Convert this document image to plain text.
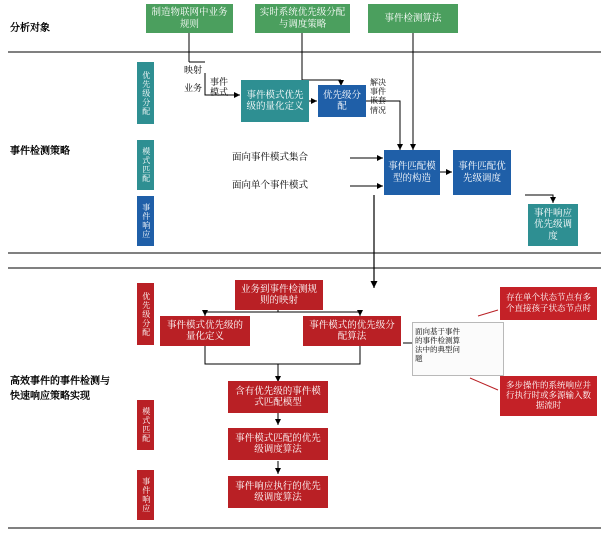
分析对象
事件检测策略
高效事件的事件检测与
快速响应策略实现
制造物联网中业务规则
实时系统优先级分配与调度策略
事件检测算法
优先级分配
模式匹配
事件响应
映射
业务
事件模式
解决事件嵌套情况
面向事件模式集合
面向单个事件模式
事件模式优先级的量化定义
优先级分配
事件匹配模型的构造
事件匹配优先级调度
事件响应优先级调度
优先级分配
模式匹配
事件响应
业务到事件检测规则的映射
事件模式优先级的量化定义
事件模式的优先级分配算法
含有优先级的事件模式匹配模型
事件模式匹配的优先级调度算法
事件响应执行的优先级调度算法
面向基于事件的事件检测算法中的典型问题
存在单个状态节点有多个直接孩子状态节点时
多步操作的系统响应并行执行时或多源输入数据流时
